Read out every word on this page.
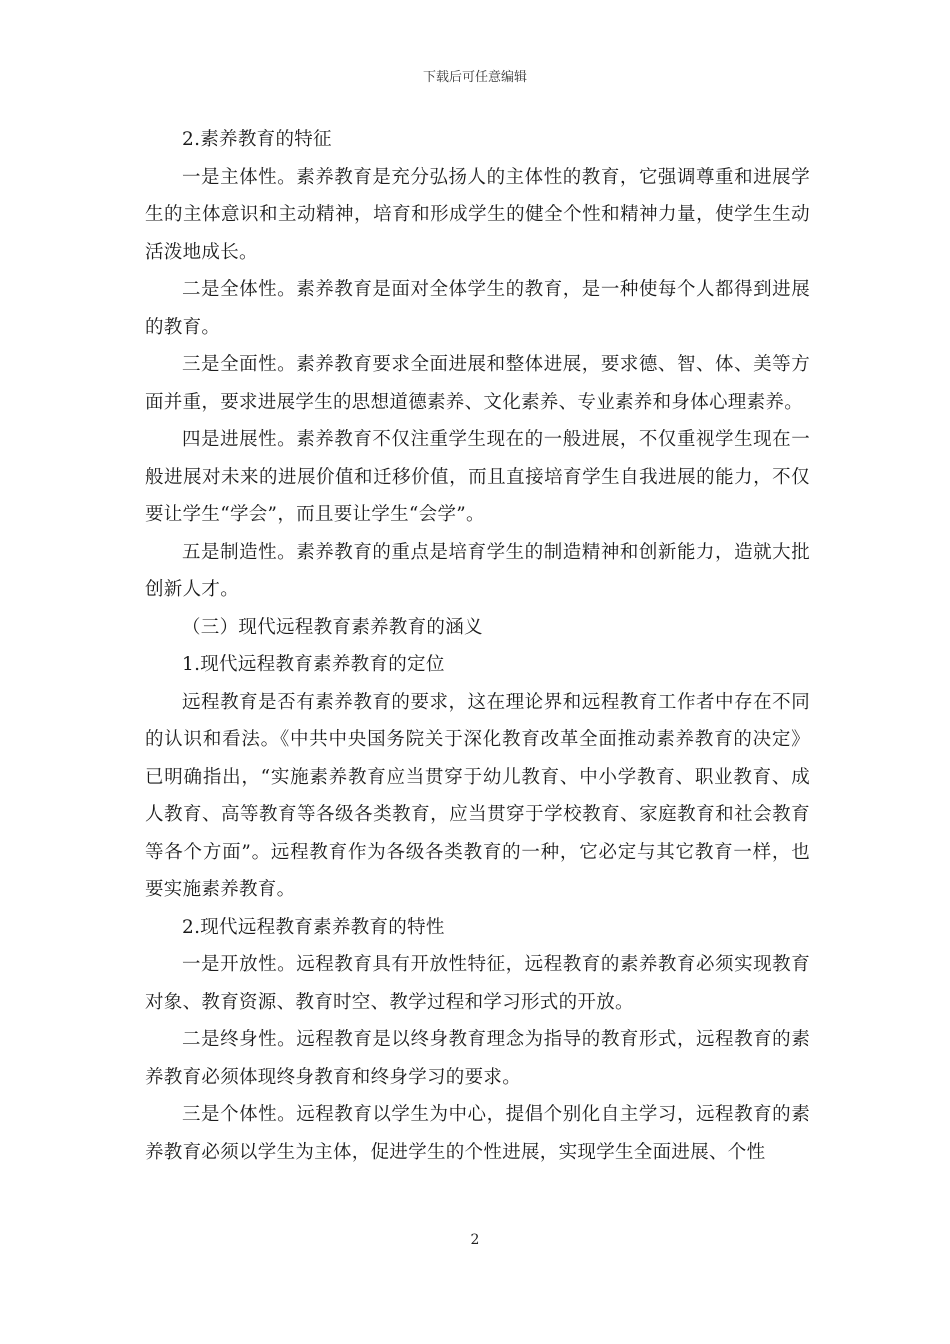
下载后可任意编辑

2.素养教育的特征

一是主体性。素养教育是充分弘扬人的主体性的教育，它强调尊重和进展学生的主体意识和主动精神，培育和形成学生的健全个性和精神力量，使学生生动活泼地成长。

二是全体性。素养教育是面对全体学生的教育，是一种使每个人都得到进展的教育。

三是全面性。素养教育要求全面进展和整体进展，要求德、智、体、美等方面并重，要求进展学生的思想道德素养、文化素养、专业素养和身体心理素养。

四是进展性。素养教育不仅注重学生现在的一般进展，不仅重视学生现在一般进展对未来的进展价值和迁移价值，而且直接培育学生自我进展的能力，不仅要让学生“学会”，而且要让学生“会学”。

五是制造性。素养教育的重点是培育学生的制造精神和创新能力，造就大批创新人才。

（三）现代远程教育素养教育的涵义

1.现代远程教育素养教育的定位

远程教育是否有素养教育的要求，这在理论界和远程教育工作者中存在不同的认识和看法。《中共中央国务院关于深化教育改革全面推动素养教育的决定》已明确指出，“实施素养教育应当贯穿于幼儿教育、中小学教育、职业教育、成人教育、高等教育等各级各类教育，应当贯穿于学校教育、家庭教育和社会教育等各个方面”。远程教育作为各级各类教育的一种，它必定与其它教育一样，也要实施素养教育。

2.现代远程教育素养教育的特性

一是开放性。远程教育具有开放性特征，远程教育的素养教育必须实现教育对象、教育资源、教育时空、教学过程和学习形式的开放。

二是终身性。远程教育是以终身教育理念为指导的教育形式，远程教育的素养教育必须体现终身教育和终身学习的要求。

三是个体性。远程教育以学生为中心，提倡个别化自主学习，远程教育的素养教育必须以学生为主体，促进学生的个性进展，实现学生全面进展、个性

2
